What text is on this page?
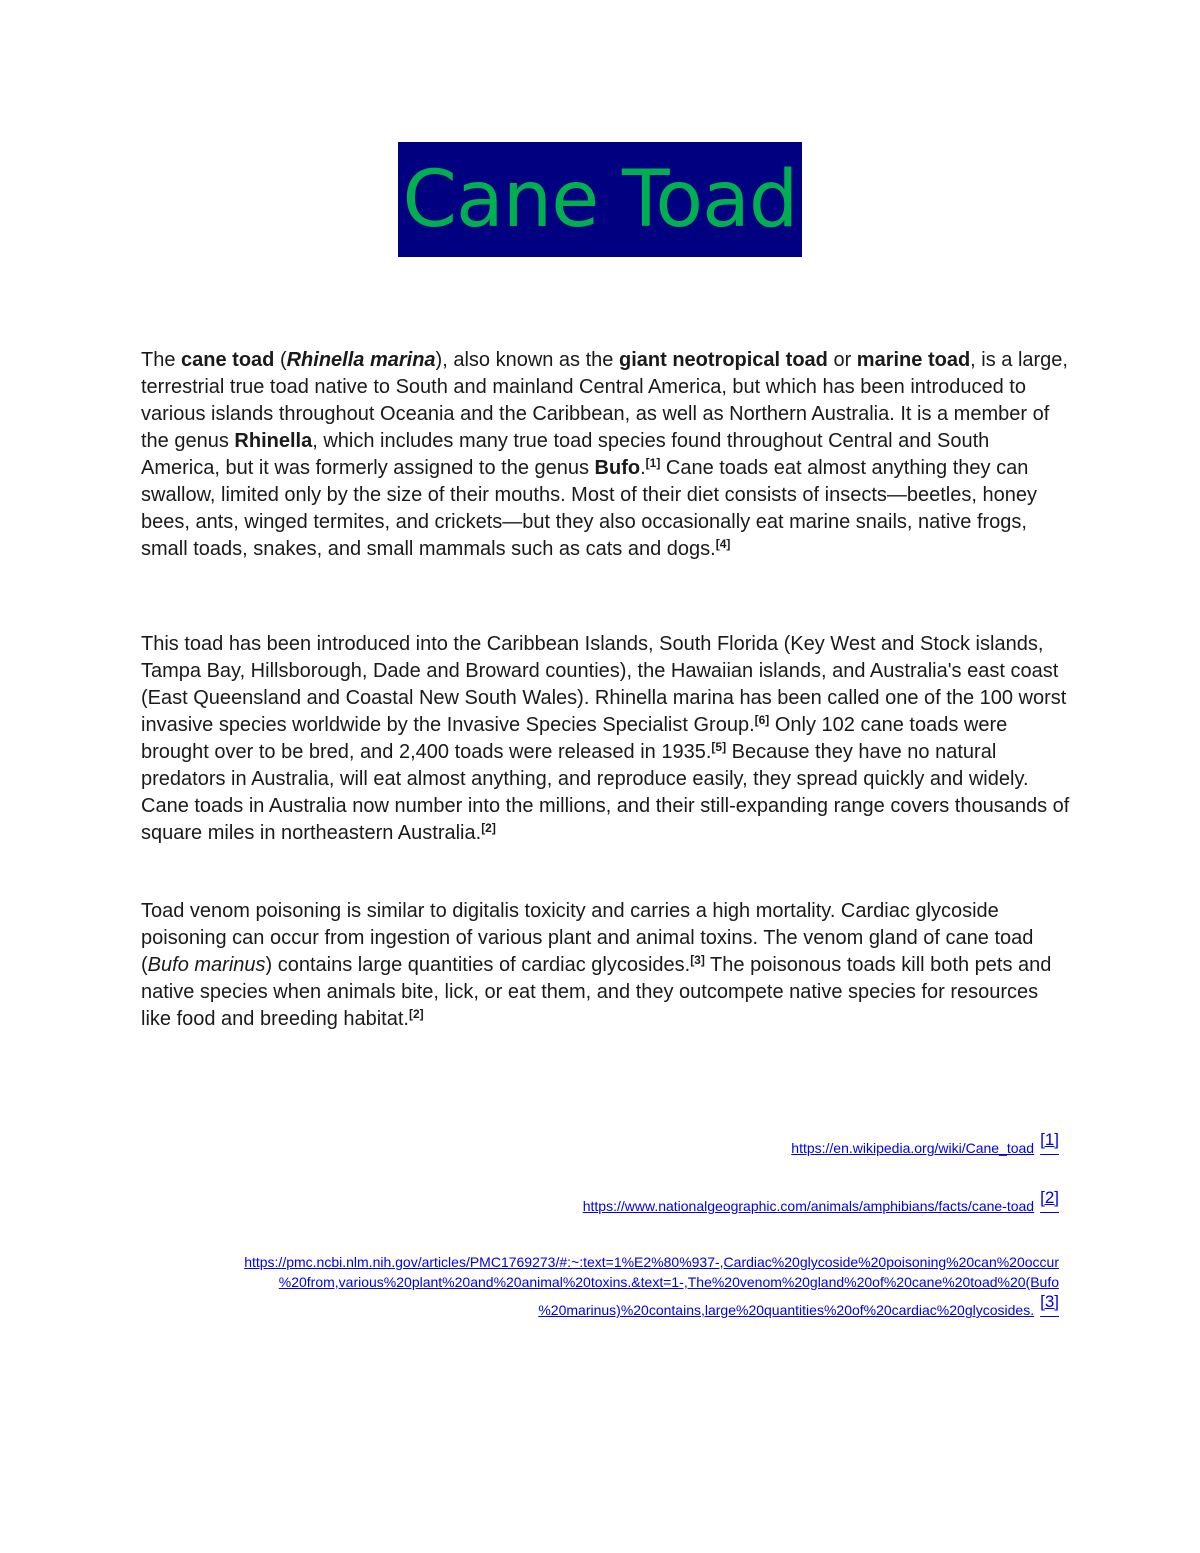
Cane Toad

The cane toad (Rhinella marina), also known as the giant neotropical toad or marine toad, is a large, terrestrial true toad native to South and mainland Central America, but which has been introduced to various islands throughout Oceania and the Caribbean, as well as Northern Australia. It is a member of the genus Rhinella, which includes many true toad species found throughout Central and South America, but it was formerly assigned to the genus Bufo.[1] Cane toads eat almost anything they can swallow, limited only by the size of their mouths. Most of their diet consists of insects—beetles, honey bees, ants, winged termites, and crickets—but they also occasionally eat marine snails, native frogs, small toads, snakes, and small mammals such as cats and dogs.[4]

This toad has been introduced into the Caribbean Islands, South Florida (Key West and Stock islands, Tampa Bay, Hillsborough, Dade and Broward counties), the Hawaiian islands, and Australia's east coast (East Queensland and Coastal New South Wales). Rhinella marina has been called one of the 100 worst invasive species worldwide by the Invasive Species Specialist Group.[6] Only 102 cane toads were brought over to be bred, and 2,400 toads were released in 1935.[5] Because they have no natural predators in Australia, will eat almost anything, and reproduce easily, they spread quickly and widely. Cane toads in Australia now number into the millions, and their still-expanding range covers thousands of square miles in northeastern Australia.[2]

Toad venom poisoning is similar to digitalis toxicity and carries a high mortality. Cardiac glycoside poisoning can occur from ingestion of various plant and animal toxins. The venom gland of cane toad (Bufo marinus) contains large quantities of cardiac glycosides.[3] The poisonous toads kill both pets and native species when animals bite, lick, or eat them, and they outcompete native species for resources like food and breeding habitat.[2]

https://en.wikipedia.org/wiki/Cane_toad [1]
https://www.nationalgeographic.com/animals/amphibians/facts/cane-toad [2]
https://pmc.ncbi.nlm.nih.gov/articles/PMC1769273/#:~:text=1%E2%80%937-,Cardiac%20glycoside%20poisoning%20can%20occur
%20from,various%20plant%20and%20animal%20toxins.&text=1-,The%20venom%20gland%20of%20cane%20toad%20(Bufo
%20marinus)%20contains,large%20quantities%20of%20cardiac%20glycosides. [3]
